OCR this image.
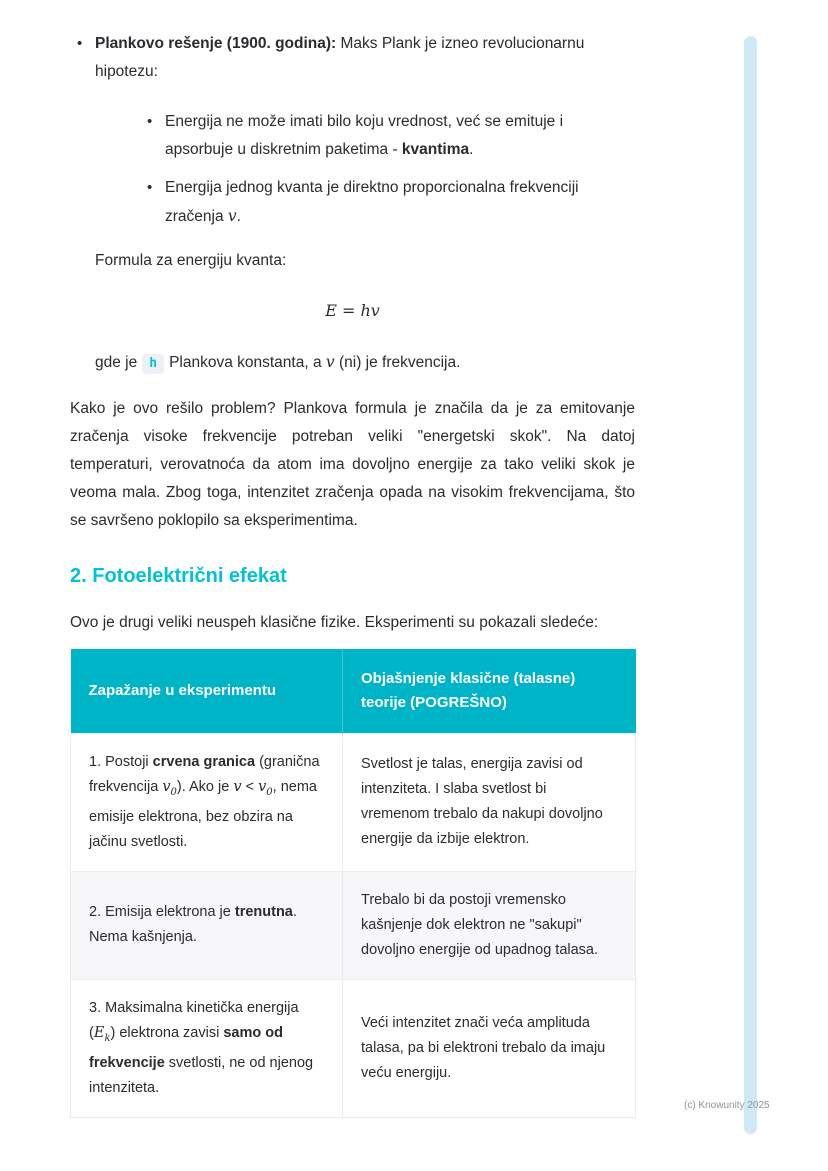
• Plankovo rešenje (1900. godina): Maks Plank je izneo revolucionarnu hipotezu:
• Energija ne može imati bilo koju vrednost, već se emituje i apsorbuje u diskretnim paketima - kvantima.
• Energija jednog kvanta je direktno proporcionalna frekvenciji zračenja v.

Formula za energiju kvanta:

E = hv

gde je h Plankova konstanta, a v (ni) je frekvencija.

Kako je ovo rešilo problem? Plankova formula je značila da je za emitovanje zračenja visoke frekvencije potreban veliki "energetski skok". Na datoj temperaturi, verovatnoća da atom ima dovoljno energije za tako veliki skok je veoma mala. Zbog toga, intenzitet zračenja opada na visokim frekvencijama, što se savršeno poklopilo sa eksperimentima.

2. Fotoelektrični efekat

Ovo je drugi veliki neuspeh klasične fizike. Eksperimenti su pokazali sledeće:

Zapažanje u eksperimentu	Objašnjenje klasične (talasne) teorije (POGREŠNO)
1. Postoji crvena granica (granična frekvencija $v_0$). Ako je $v < v_0$, nema emisije elektrona, bez obzira na jačinu svetlosti.	Svetlost je talas, energija zavisi od intenziteta. I slaba svetlost bi vremenom trebalo da nakupi dovoljno energije da izbije elektron.
2. Emisija elektrona je trenutna. Nema kašnjenja.	Trebalo bi da postoji vremensko kašnjenje dok elektron ne "sakupi" dovoljno energije od upadnog talasa.
3. Maksimalna kinetička energija $(E_k)$ elektrona zavisi samo od frekvencije svetlosti, ne od njenog intenziteta.	Veći intenzitet znači veća amplituda talasa, pa bi elektroni trebalo da imaju veću energiju.
(c) Knowunity 2025
